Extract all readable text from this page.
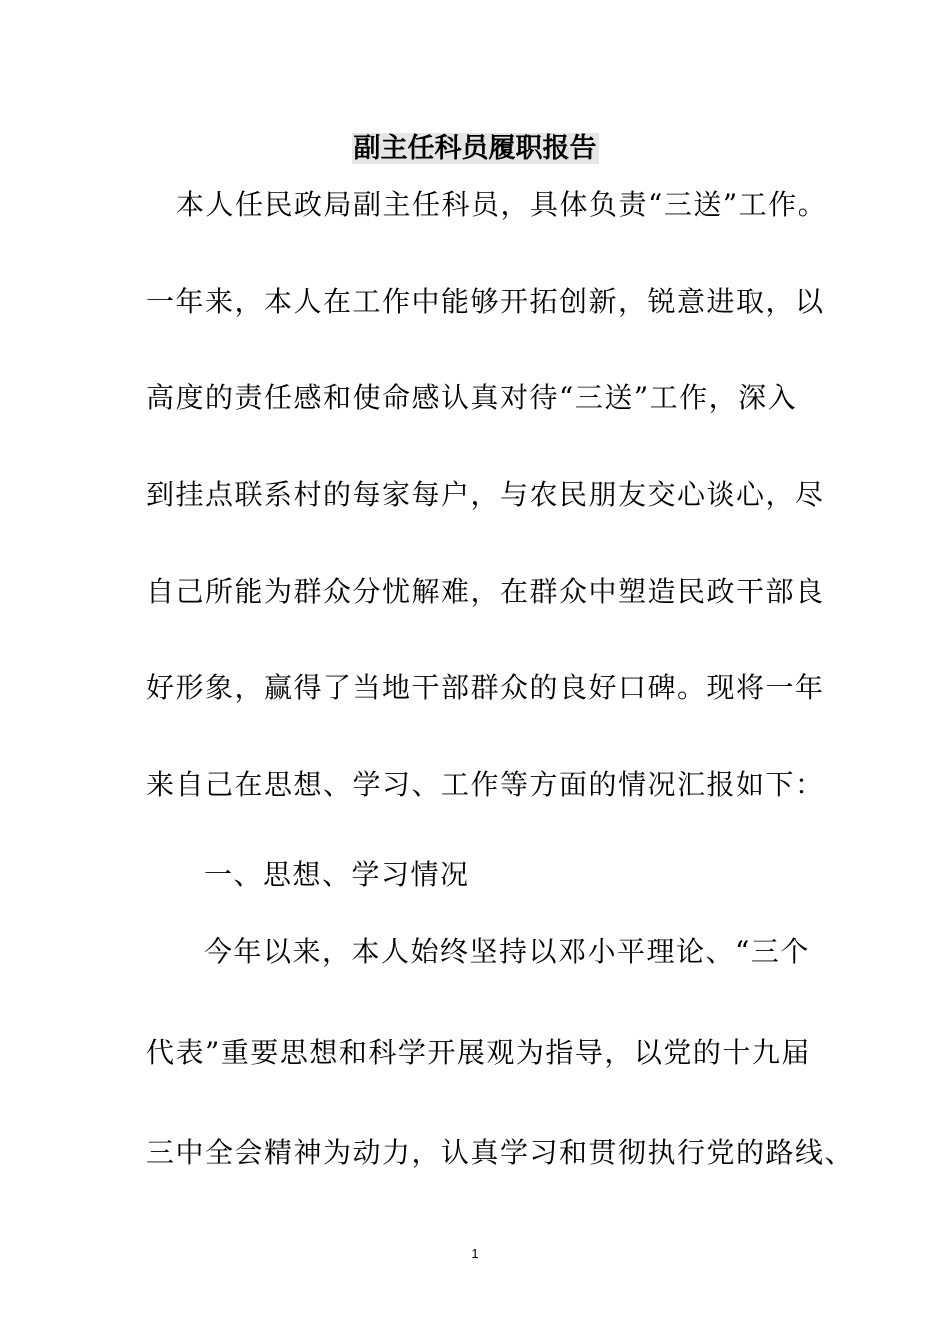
副主任科员履职报告
本人任民政局副主任科员，具体负责“三送”工作。
一年来，本人在工作中能够开拓创新，锐意进取，以
高度的责任感和使命感认真对待“三送”工作，深入
到挂点联系村的每家每户，与农民朋友交心谈心，尽
自己所能为群众分忧解难，在群众中塑造民政干部良
好形象，赢得了当地干部群众的良好口碑。现将一年
来自己在思想、学习、工作等方面的情况汇报如下：
一、思想、学习情况
今年以来，本人始终坚持以邓小平理论、“三个
代表”重要思想和科学开展观为指导，以党的十九届
三中全会精神为动力，认真学习和贯彻执行党的路线、
1
